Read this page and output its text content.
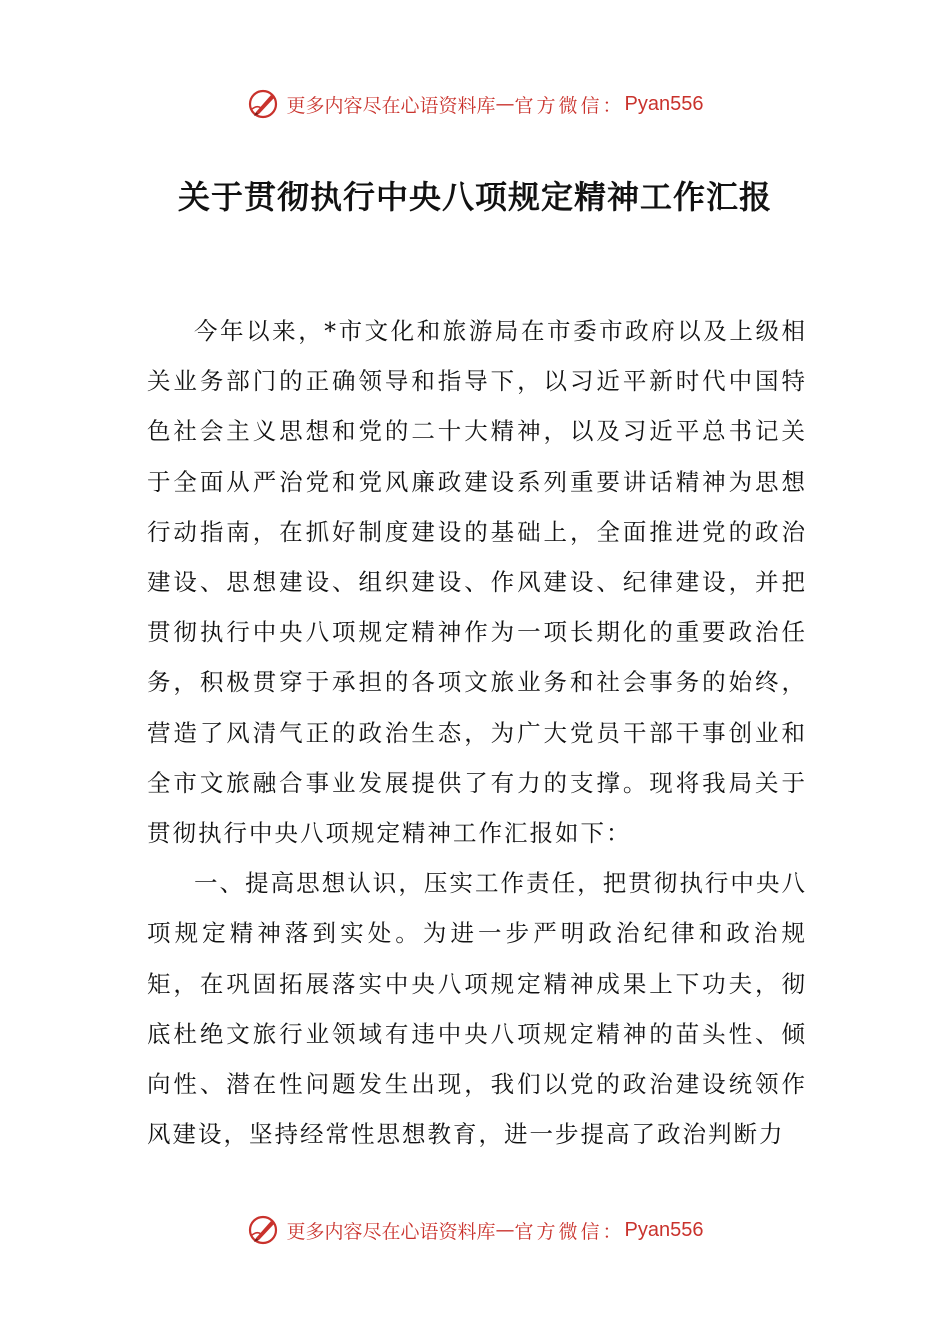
更多内容尽在心语资料库 — 官方微信： Pyan556
关于贯彻执行中央八项规定精神工作汇报

今年以来，*市文化和旅游局在市委市政府以及上级相关业务部门的正确领导和指导下，以习近平新时代中国特色社会主义思想和党的二十大精神，以及习近平总书记关于全面从严治党和党风廉政建设系列重要讲话精神为思想行动指南，在抓好制度建设的基础上，全面推进党的政治建设、思想建设、组织建设、作风建设、纪律建设，并把贯彻执行中央八项规定精神作为一项长期化的重要政治任务，积极贯穿于承担的各项文旅业务和社会事务的始终，营造了风清气正的政治生态，为广大党员干部干事创业和全市文旅融合事业发展提供了有力的支撑。现将我局关于贯彻执行中央八项规定精神工作汇报如下：

一、提高思想认识，压实工作责任，把贯彻执行中央八项规定精神落到实处。为进一步严明政治纪律和政治规矩，在巩固拓展落实中央八项规定精神成果上下功夫，彻底杜绝文旅行业领域有违中央八项规定精神的苗头性、倾向性、潜在性问题发生出现，我们以党的政治建设统领作风建设，坚持经常性思想教育，进一步提高了政治判断力

更多内容尽在心语资料库 — 官方微信： Pyan556
